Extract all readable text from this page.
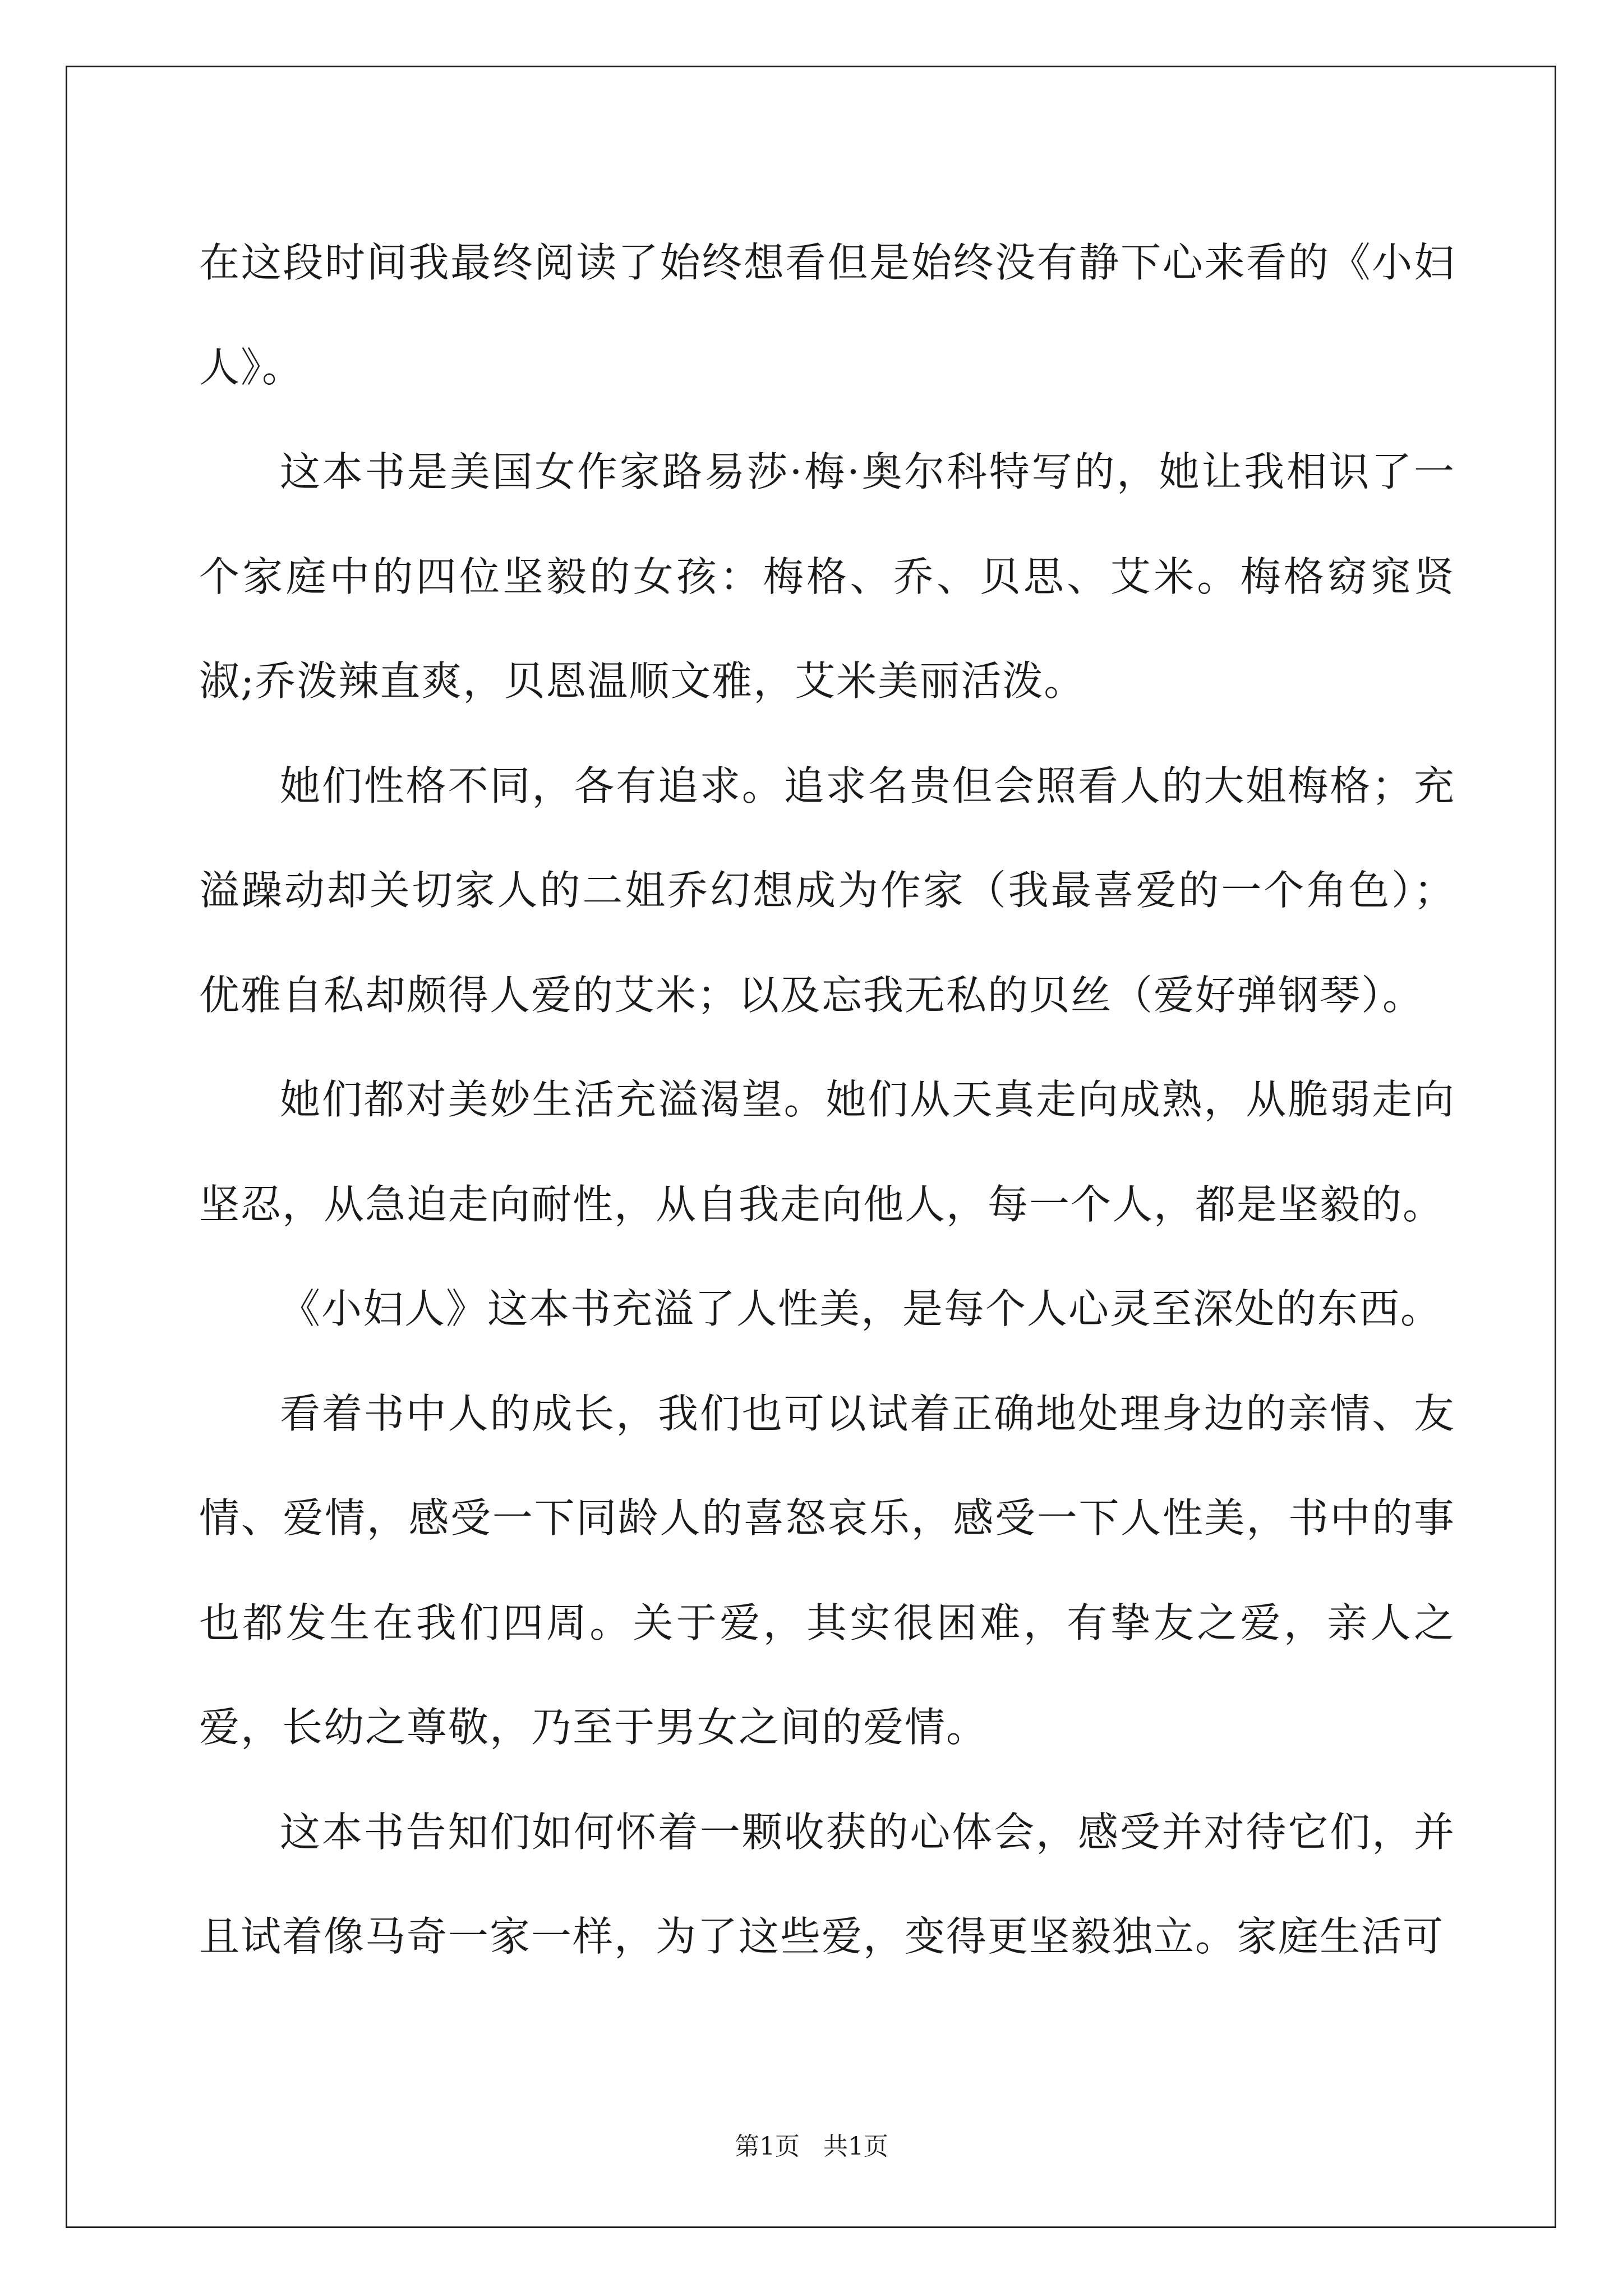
在这段时间我最终阅读了始终想看但是始终没有静下心来看的《小妇人》。

这本书是美国女作家路易莎·梅·奥尔科特写的，她让我相识了一个家庭中的四位坚毅的女孩：梅格、乔、贝思、艾米。梅格窈窕贤淑;乔泼辣直爽，贝恩温顺文雅，艾米美丽活泼。

她们性格不同，各有追求。追求名贵但会照看人的大姐梅格；充溢躁动却关切家人的二姐乔幻想成为作家（我最喜爱的一个角色）；优雅自私却颇得人爱的艾米；以及忘我无私的贝丝（爱好弹钢琴）。

她们都对美妙生活充溢渴望。她们从天真走向成熟，从脆弱走向坚忍，从急迫走向耐性，从自我走向他人，每一个人，都是坚毅的。

《小妇人》这本书充溢了人性美，是每个人心灵至深处的东西。

看着书中人的成长，我们也可以试着正确地处理身边的亲情、友情、爱情，感受一下同龄人的喜怒哀乐，感受一下人性美，书中的事也都发生在我们四周。关于爱，其实很困难，有挚友之爱，亲人之爱，长幼之尊敬，乃至于男女之间的爱情。

这本书告知们如何怀着一颗收获的心体会，感受并对待它们，并且试着像马奇一家一样，为了这些爱，变得更坚毅独立。家庭生活可

第1页   共1页
